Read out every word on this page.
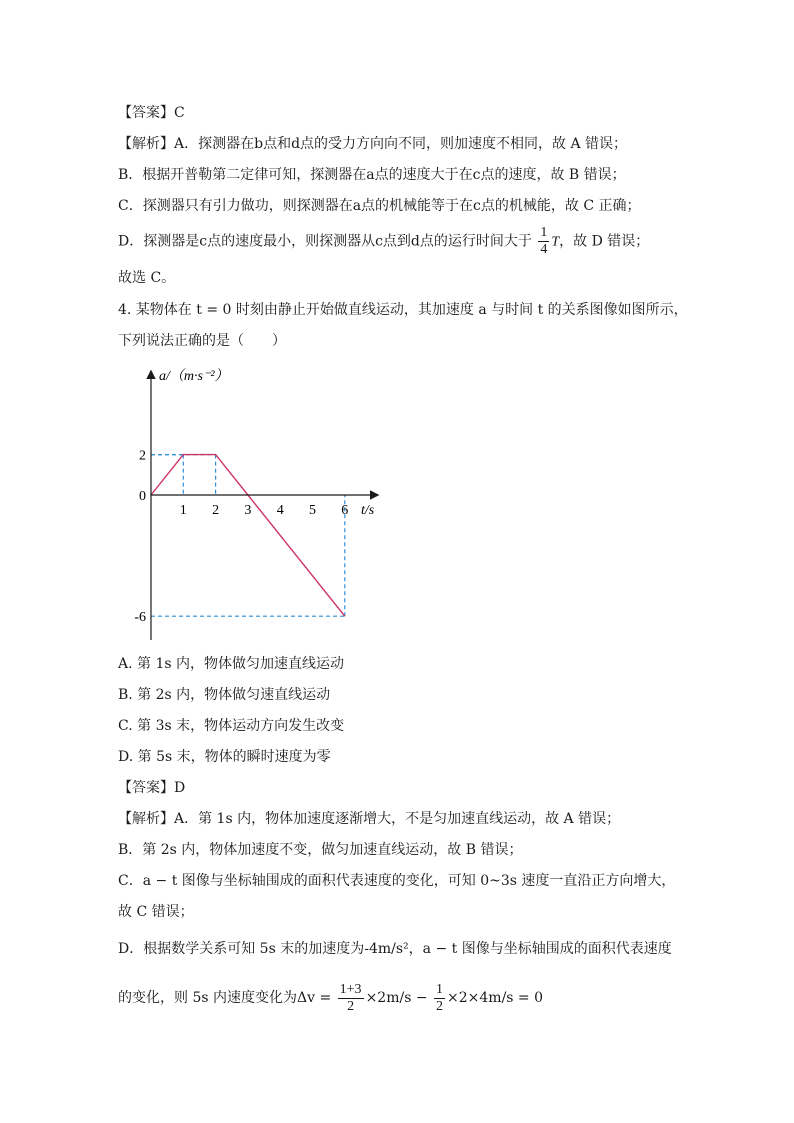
【答案】C
【解析】A．探测器在b点和d点的受力方向向不同，则加速度不相同，故 A 错误；
B．根据开普勒第二定律可知，探测器在a点的速度大于在c点的速度，故 B 错误；
C．探测器只有引力做功，则探测器在a点的机械能等于在c点的机械能，故 C 正确；
D．探测器是c点的速度最小，则探测器从c点到d点的运行时间大于 $\frac{1}{4}$ T，故 D 错误；
故选 C。
4. 某物体在 t = 0 时刻由静止开始做直线运动，其加速度 a 与时间 t 的关系图像如图所示，
下列说法正确的是（　　）
1 2 3 4 5 6
2
0
-6
a/（m·s⁻²）
t/s
A. 第 1s 内，物体做匀加速直线运动
B. 第 2s 内，物体做匀速直线运动
C. 第 3s 末，物体运动方向发生改变
D. 第 5s 末，物体的瞬时速度为零
【答案】D
【解析】A．第 1s 内，物体加速度逐渐增大，不是匀加速直线运动，故 A 错误；
B．第 2s 内，物体加速度不变，做匀加速直线运动，故 B 错误；
C．a − t 图像与坐标轴围成的面积代表速度的变化，可知 0~3s 速度一直沿正方向增大，
故 C 错误；
D．根据数学关系可知 5s 末的加速度为-4m/s²，a − t 图像与坐标轴围成的面积代表速度
的变化，则 5s 内速度变化为$\Delta v = \frac{1+3}{2} \times 2m/s - \frac{1}{2} \times 2\times 4m/s = 0$
